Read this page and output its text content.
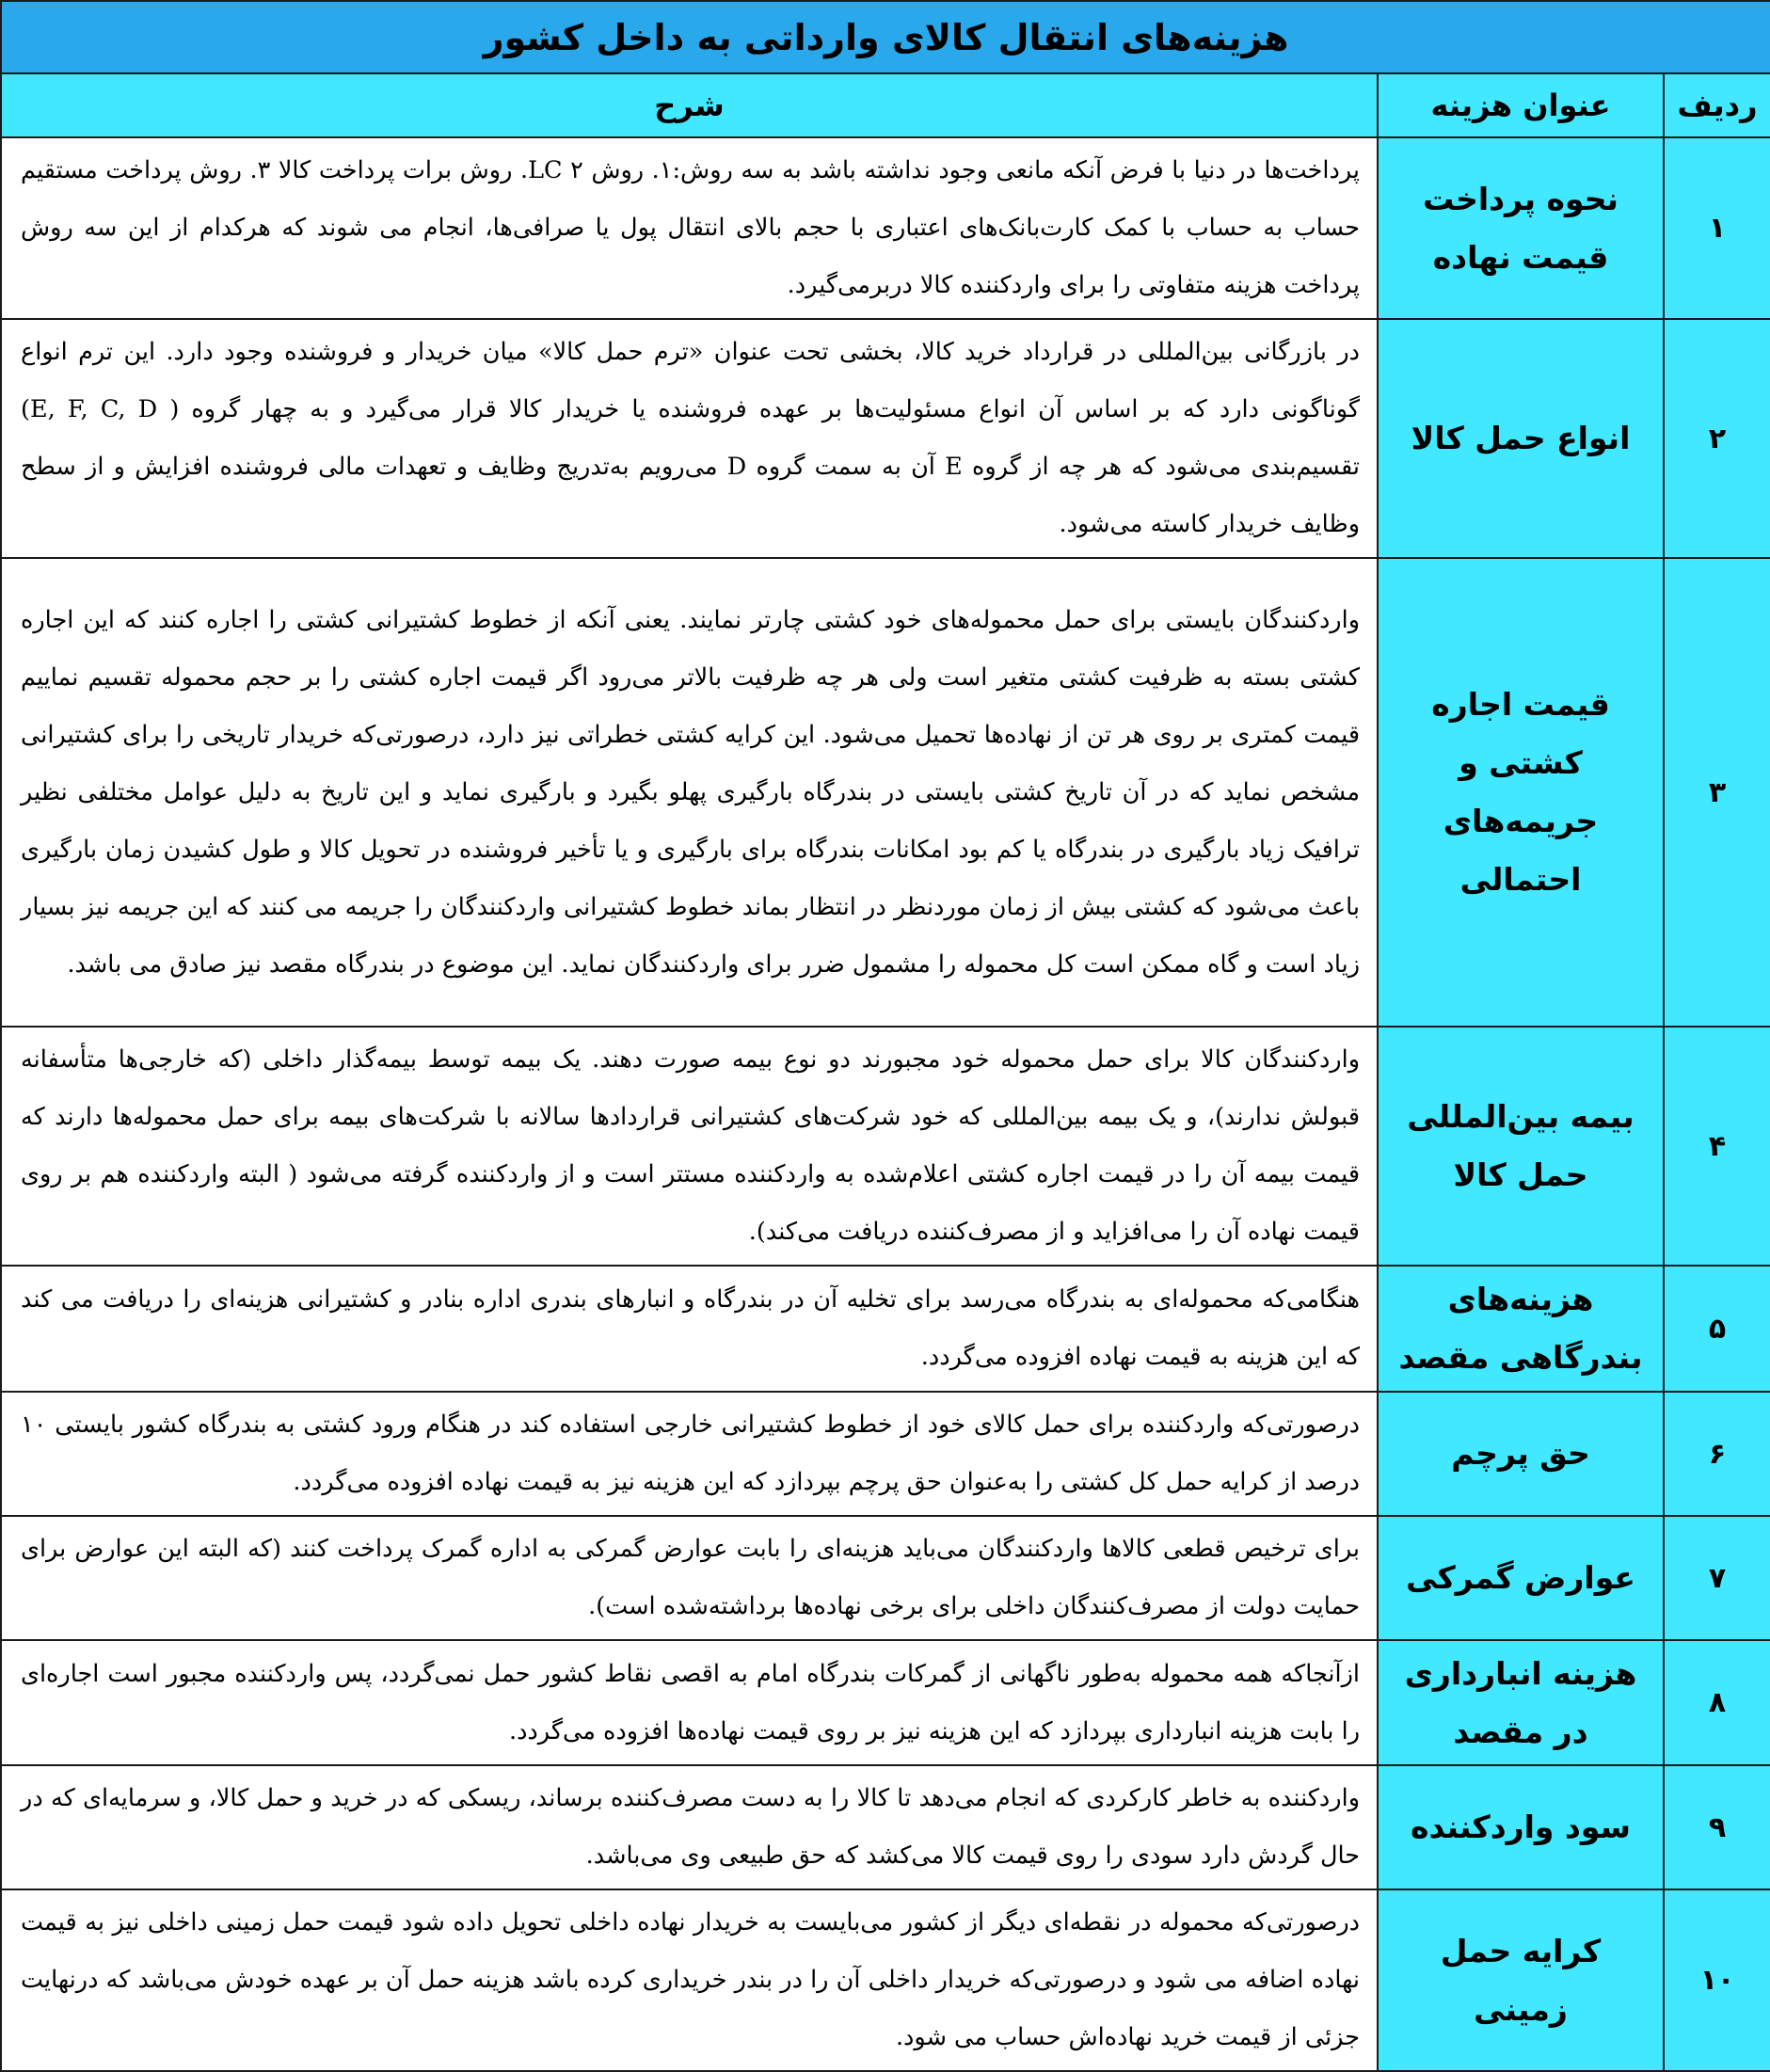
هزینه‌های انتقال کالای وارداتی به داخل کشور		
ردیف	عنوان هزینه	شرح
۱	نحوه پرداخت قیمت نهاده	پرداخت‌ها در دنیا با فرض آنکه مانعی وجود نداشته باشد به سه روش:۱. روش LC ۲. روش برات پرداخت کالا ۳. روش پرداخت مستقیم حساب به حساب با کمک کارت‌بانک‌های اعتباری با حجم بالای انتقال پول یا صرافی‌ها، انجام می شوند که هرکدام از این سه روش پرداخت هزینه متفاوتی را برای واردکننده کالا دربرمی‌گیرد.
۲	انواع حمل کالا	در بازرگانی بین‌المللی در قرارداد خرید کالا، بخشی تحت عنوان «ترم حمل کالا» میان خریدار و فروشنده وجود دارد. این ترم انواع گوناگونی دارد که بر اساس آن انواع مسئولیت‌ها بر عهده فروشنده یا خریدار کالا قرار می‌گیرد و به چهار گروه ( E, F, C, D) تقسیم‌بندی می‌شود که هر چه از گروه E آن به سمت گروه D می‌رویم به‌تدریج وظایف و تعهدات مالی فروشنده افزایش و از سطح وظایف خریدار کاسته می‌شود.
۳	قیمت اجاره کشتی و جریمه‌های احتمالی	واردکنندگان بایستی برای حمل محموله‌های خود کشتی چارتر نمایند. یعنی آنکه از خطوط کشتیرانی کشتی را اجاره کنند که این اجاره کشتی بسته به ظرفیت کشتی متغیر است ولی هر چه ظرفیت بالاتر می‌رود اگر قیمت اجاره کشتی را بر حجم محموله تقسیم نماییم قیمت کمتری بر روی هر تن از نهاده‌ها تحمیل می‌شود. این کرایه کشتی خطراتی نیز دارد، درصورتی‌که خریدار تاریخی را برای کشتیرانی مشخص نماید که در آن تاریخ کشتی بایستی در بندرگاه بارگیری پهلو بگیرد و بارگیری نماید و این تاریخ به دلیل عوامل مختلفی نظیر ترافیک زیاد بارگیری در بندرگاه یا کم بود امکانات بندرگاه برای بارگیری و یا تأخیر فروشنده در تحویل کالا و طول کشیدن زمان بارگیری باعث می‌شود که کشتی بیش از زمان موردنظر در انتظار بماند خطوط کشتیرانی واردکنندگان را جریمه می کنند که این جریمه نیز بسیار زیاد است و گاه ممکن است کل محموله را مشمول ضرر برای واردکنندگان نماید. این موضوع در بندرگاه مقصد نیز صادق می باشد.
۴	بیمه بین‌المللی حمل کالا	واردکنندگان کالا برای حمل محموله خود مجبورند دو نوع بیمه صورت دهند. یک بیمه توسط بیمه‌گذار داخلی (که خارجی‌ها متأسفانه قبولش ندارند)، و یک بیمه بین‌المللی که خود شرکت‌های کشتیرانی قراردادها سالانه با شرکت‌های بیمه برای حمل محموله‌ها دارند که قیمت بیمه آن را در قیمت اجاره کشتی اعلام‌شده به واردکننده مستتر است و از واردکننده گرفته می‌شود ( البته واردکننده هم بر روی قیمت نهاده آن را می‌افزاید و از مصرف‌کننده دریافت می‌کند).
۵	هزینه‌های بندرگاهی مقصد	هنگامی‌که محموله‌ای به بندرگاه می‌رسد برای تخلیه آن در بندرگاه و انبارهای بندری اداره بنادر و کشتیرانی هزینه‌ای را دریافت می کند که این هزینه به قیمت نهاده افزوده می‌گردد.
۶	حق پرچم	درصورتی‌که واردکننده برای حمل کالای خود از خطوط کشتیرانی خارجی استفاده کند در هنگام ورود کشتی به بندرگاه کشور بایستی ۱۰ درصد از کرایه حمل کل کشتی را به‌عنوان حق پرچم بپردازد که این هزینه نیز به قیمت نهاده افزوده می‌گردد.
۷	عوارض گمرکی	برای ترخیص قطعی کالاها واردکنندگان می‌باید هزینه‌ای را بابت عوارض گمرکی به اداره گمرک پرداخت کنند (که البته این عوارض برای حمایت دولت از مصرف‌کنندگان داخلی برای برخی نهاده‌ها برداشته‌شده است).
۸	هزینه انبارداری در مقصد	ازآنجاکه همه محموله به‌طور ناگهانی از گمرکات بندرگاه امام به اقصی نقاط کشور حمل نمی‌گردد، پس واردکننده مجبور است اجاره‌ای را بابت هزینه انبارداری بپردازد که این هزینه نیز بر روی قیمت نهاده‌ها افزوده می‌گردد.
۹	سود واردکننده	واردکننده به خاطر کارکردی که انجام می‌دهد تا کالا را به دست مصرف‌کننده برساند، ریسکی که در خرید و حمل کالا، و سرمایه‌ای که در حال گردش دارد سودی را روی قیمت کالا می‌کشد که حق طبیعی وی می‌باشد.
۱۰	کرایه حمل زمینی	درصورتی‌که محموله در نقطه‌ای دیگر از کشور می‌بایست به خریدار نهاده داخلی تحویل داده شود قیمت حمل زمینی داخلی نیز به قیمت نهاده اضافه می شود و درصورتی‌که خریدار داخلی آن را در بندر خریداری کرده باشد هزینه حمل آن بر عهده خودش می‌باشد که درنهایت جزئی از قیمت خرید نهاده‌اش حساب می شود.
